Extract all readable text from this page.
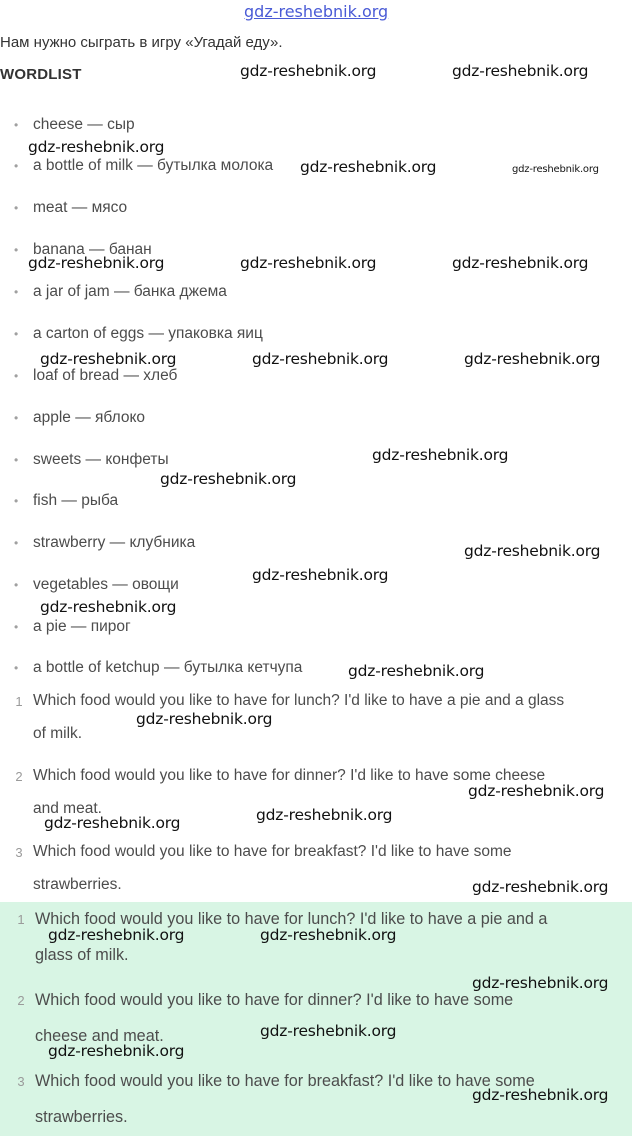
gdz-reshebnik.org
Нам нужно сыграть в игру «Угадай еду».
WORDLIST
• cheese — сыр
• a bottle of milk — бутылка молока
• meat — мясо
• banana — банан
• a jar of jam — банка джема
• a carton of eggs — упаковка яиц
• loaf of bread — хлеб
• apple — яблоко
• sweets — конфеты
• fish — рыба
• strawberry — клубника
• vegetables — овощи
• a pie — пирог
• a bottle of ketchup — бутылка кетчупа
1 Which food would you like to have for lunch? I'd like to have a pie and a glass
of milk.
2 Which food would you like to have for dinner? I'd like to have some cheese
and meat.
3 Which food would you like to have for breakfast? I'd like to have some
strawberries.
1 Which food would you like to have for lunch? I'd like to have a pie and a
glass of milk.
2 Which food would you like to have for dinner? I'd like to have some
cheese and meat.
3 Which food would you like to have for breakfast? I'd like to have some
strawberries.
gdz-reshebnik.org	gdz-reshebnik.org
gdz-reshebnik.org
gdz-reshebnik.org	gdz-reshebnik.org
gdz-reshebnik.org	gdz-reshebnik.org	gdz-reshebnik.org
gdz-reshebnik.org	gdz-reshebnik.org	gdz-reshebnik.org
gdz-reshebnik.org
gdz-reshebnik.org
gdz-reshebnik.org
gdz-reshebnik.org
gdz-reshebnik.org
gdz-reshebnik.org
gdz-reshebnik.org
gdz-reshebnik.org
gdz-reshebnik.org
gdz-reshebnik.org
gdz-reshebnik.org
gdz-reshebnik.org	gdz-reshebnik.org
gdz-reshebnik.org
gdz-reshebnik.org
gdz-reshebnik.org
gdz-reshebnik.org
